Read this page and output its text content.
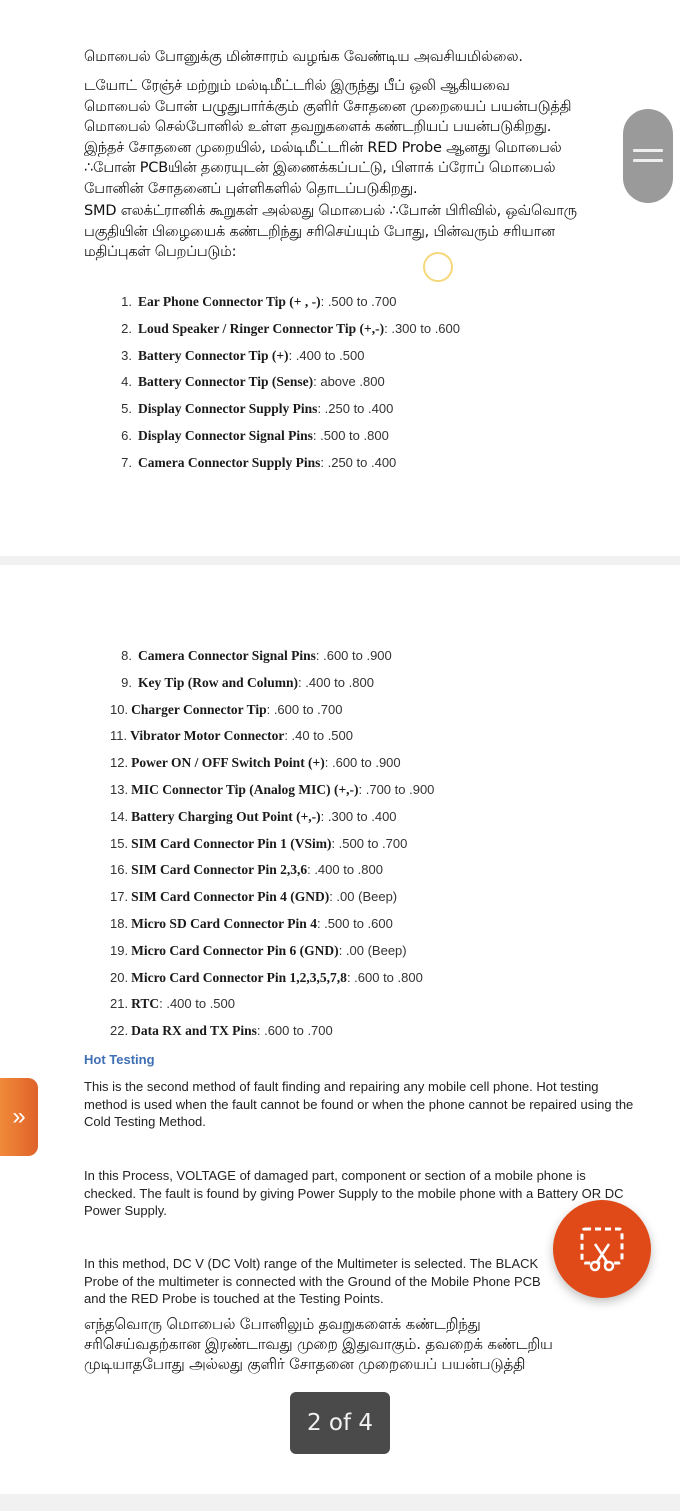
மொபைல் போனுக்கு மின்சாரம் வழங்க வேண்டிய அவசியமில்லை.
டயோட் ரேஞ்ச் மற்றும் மல்டிமீட்டரில் இருந்து பீப் ஒலி ஆகியவை
மொபைல் போன் பழுதுபார்க்கும் குளிர் சோதனை முறையைப் பயன்படுத்தி
மொபைல் செல்போனில் உள்ள தவறுகளைக் கண்டறியப் பயன்படுகிறது.
இந்தச் சோதனை முறையில், மல்டிமீட்டரின் RED Probe ஆனது மொபைல்
∴போன் PCBயின் தரையுடன் இணைக்கப்பட்டு, பிளாக் ப்ரோப் மொபைல்
போனின் சோதனைப் புள்ளிகளில் தொடப்படுகிறது.
SMD எலக்ட்ரானிக் கூறுகள் அல்லது மொபைல் ∴போன் பிரிவில், ஒவ்வொரு
பகுதியின் பிழையைக் கண்டறிந்து சரிசெய்யும் போது, பின்வரும் சரியான
மதிப்புகள் பெறப்படும்:
1. Ear Phone Connector Tip (+ , -): .500 to .700
2. Loud Speaker / Ringer Connector Tip (+,-): .300 to .600
3. Battery Connector Tip (+): .400 to .500
4. Battery Connector Tip (Sense): above .800
5. Display Connector Supply Pins: .250 to .400
6. Display Connector Signal Pins: .500 to .800
7. Camera Connector Supply Pins: .250 to .400
8. Camera Connector Signal Pins: .600 to .900
9. Key Tip (Row and Column): .400 to .800
10. Charger Connector Tip: .600 to .700
11. Vibrator Motor Connector: .40 to .500
12. Power ON / OFF Switch Point (+): .600 to .900
13. MIC Connector Tip (Analog MIC) (+,-): .700 to .900
14. Battery Charging Out Point (+,-): .300 to .400
15. SIM Card Connector Pin 1 (VSim): .500 to .700
16. SIM Card Connector Pin 2,3,6: .400 to .800
17. SIM Card Connector Pin 4 (GND): .00 (Beep)
18. Micro SD Card Connector Pin 4: .500 to .600
19. Micro Card Connector Pin 6 (GND): .00 (Beep)
20. Micro Card Connector Pin 1,2,3,5,7,8: .600 to .800
21. RTC: .400 to .500
22. Data RX and TX Pins: .600 to .700
Hot Testing
This is the second method of fault finding and repairing any mobile cell phone. Hot testing method is used when the fault cannot be found or when the phone cannot be repaired using the Cold Testing Method.
In this Process, VOLTAGE of damaged part, component or section of a mobile phone is checked. The fault is found by giving Power Supply to the mobile phone with a Battery OR DC Power Supply.
In this method, DC V (DC Volt) range of the Multimeter is selected. The BLACK Probe of the multimeter is connected with the Ground of the Mobile Phone PCB and the RED Probe is touched at the Testing Points.
எந்தவொரு மொபைல் போனிலும் தவறுகளைக் கண்டறிந்து
சரிசெய்வதற்கான இரண்டாவது முறை இதுவாகும். தவறைக் கண்டறிய
முடியாதபோது அல்லது குளிர் சோதனை முறையைப் பயன்படுத்தி
»
2 of 4
